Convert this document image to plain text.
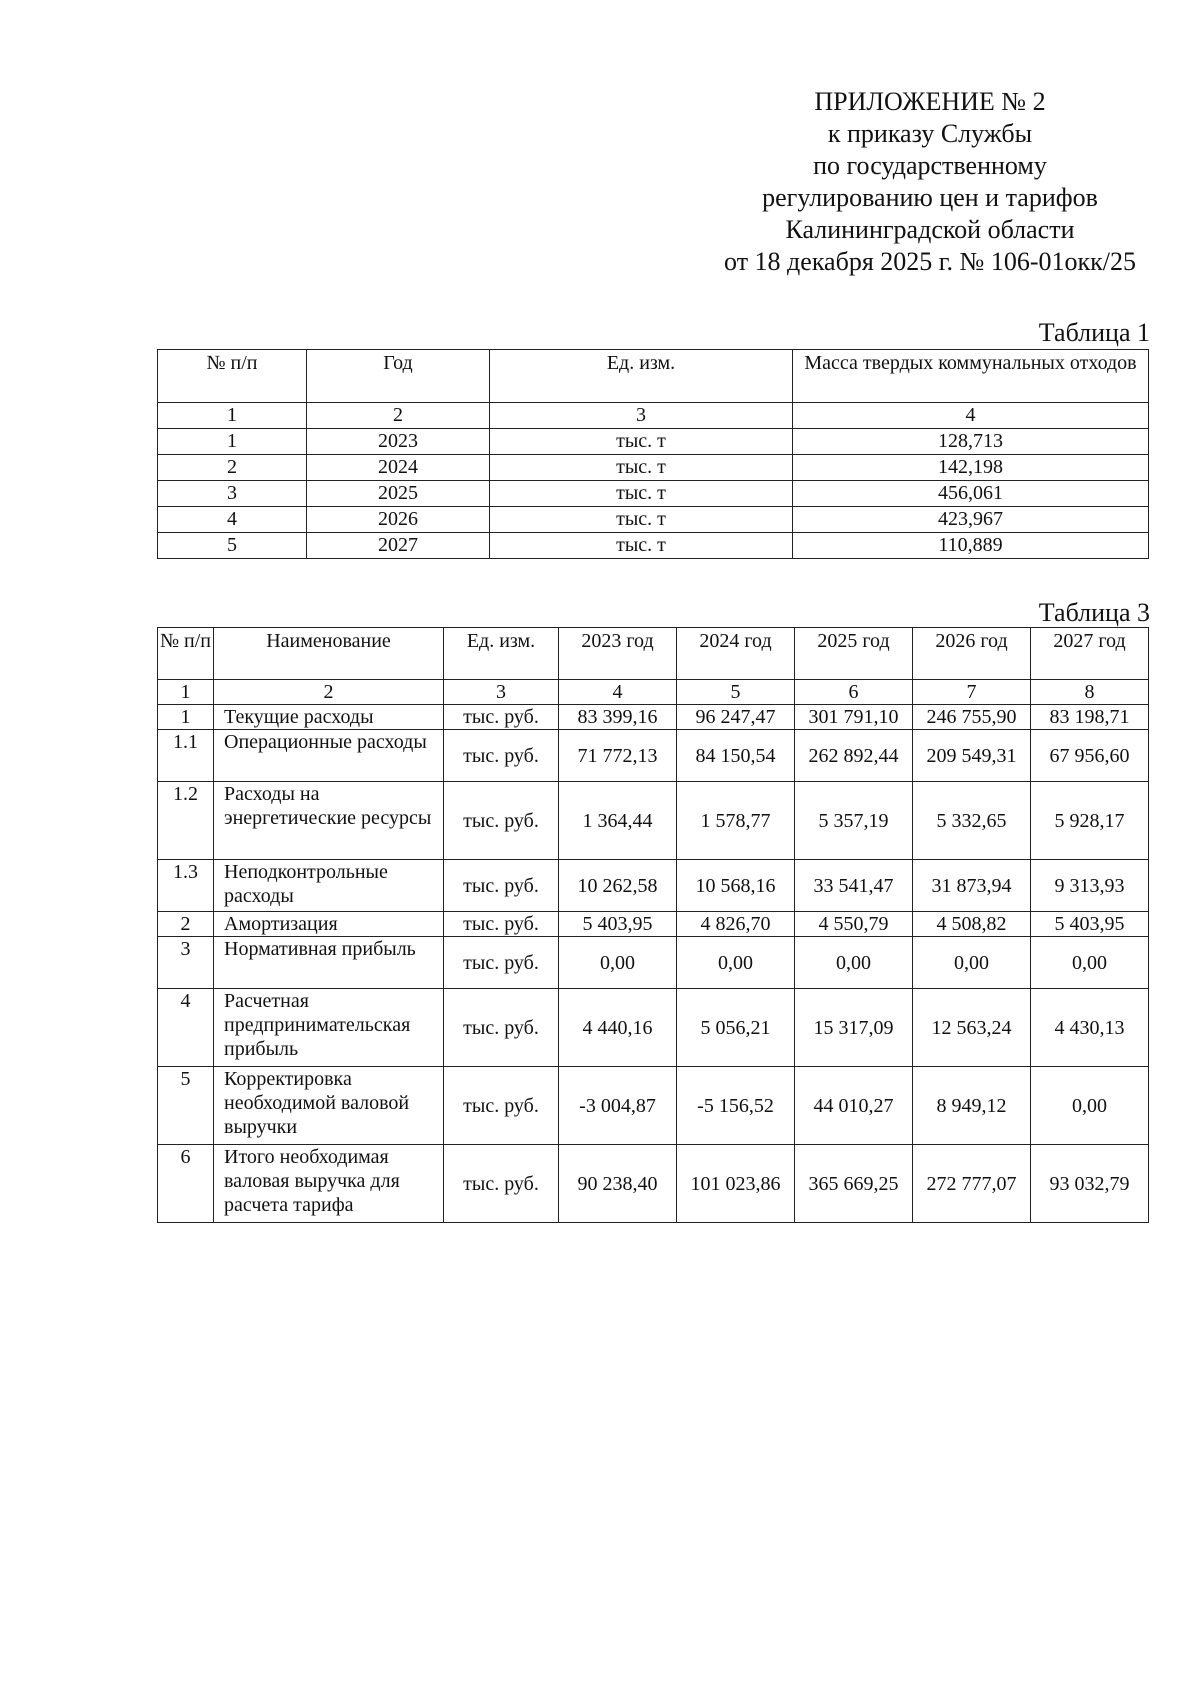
ПРИЛОЖЕНИЕ № 2
к приказу Службы
по государственному
регулированию цен и тарифов
Калининградской области
от 18 декабря 2025 г. № 106-01окк/25
Таблица 1
№ п/п	Год	Ед. изм.	Масса твердых коммунальных отходов
1	2	3	4
1	2023	тыс. т	128,713
2	2024	тыс. т	142,198
3	2025	тыс. т	456,061
4	2026	тыс. т	423,967
5	2027	тыс. т	110,889
Таблица 3
№ п/п	Наименование	Ед. изм.	2023 год	2024 год	2025 год	2026 год	2027 год
1	2	3	4	5	6	7	8
1	Текущие расходы	тыс. руб.	83 399,16	96 247,47	301 791,10	246 755,90	83 198,71
1.1	Операционные расходы	тыс. руб.	71 772,13	84 150,54	262 892,44	209 549,31	67 956,60
1.2	Расходы на энергетические ресурсы	тыс. руб.	1 364,44	1 578,77	5 357,19	5 332,65	5 928,17
1.3	Неподконтрольные расходы	тыс. руб.	10 262,58	10 568,16	33 541,47	31 873,94	9 313,93
2	Амортизация	тыс. руб.	5 403,95	4 826,70	4 550,79	4 508,82	5 403,95
3	Нормативная прибыль	тыс. руб.	0,00	0,00	0,00	0,00	0,00
4	Расчетная предпринимательская прибыль	тыс. руб.	4 440,16	5 056,21	15 317,09	12 563,24	4 430,13
5	Корректировка необходимой валовой выручки	тыс. руб.	-3 004,87	-5 156,52	44 010,27	8 949,12	0,00
6	Итого необходимая валовая выручка для расчета тарифа	тыс. руб.	90 238,40	101 023,86	365 669,25	272 777,07	93 032,79
